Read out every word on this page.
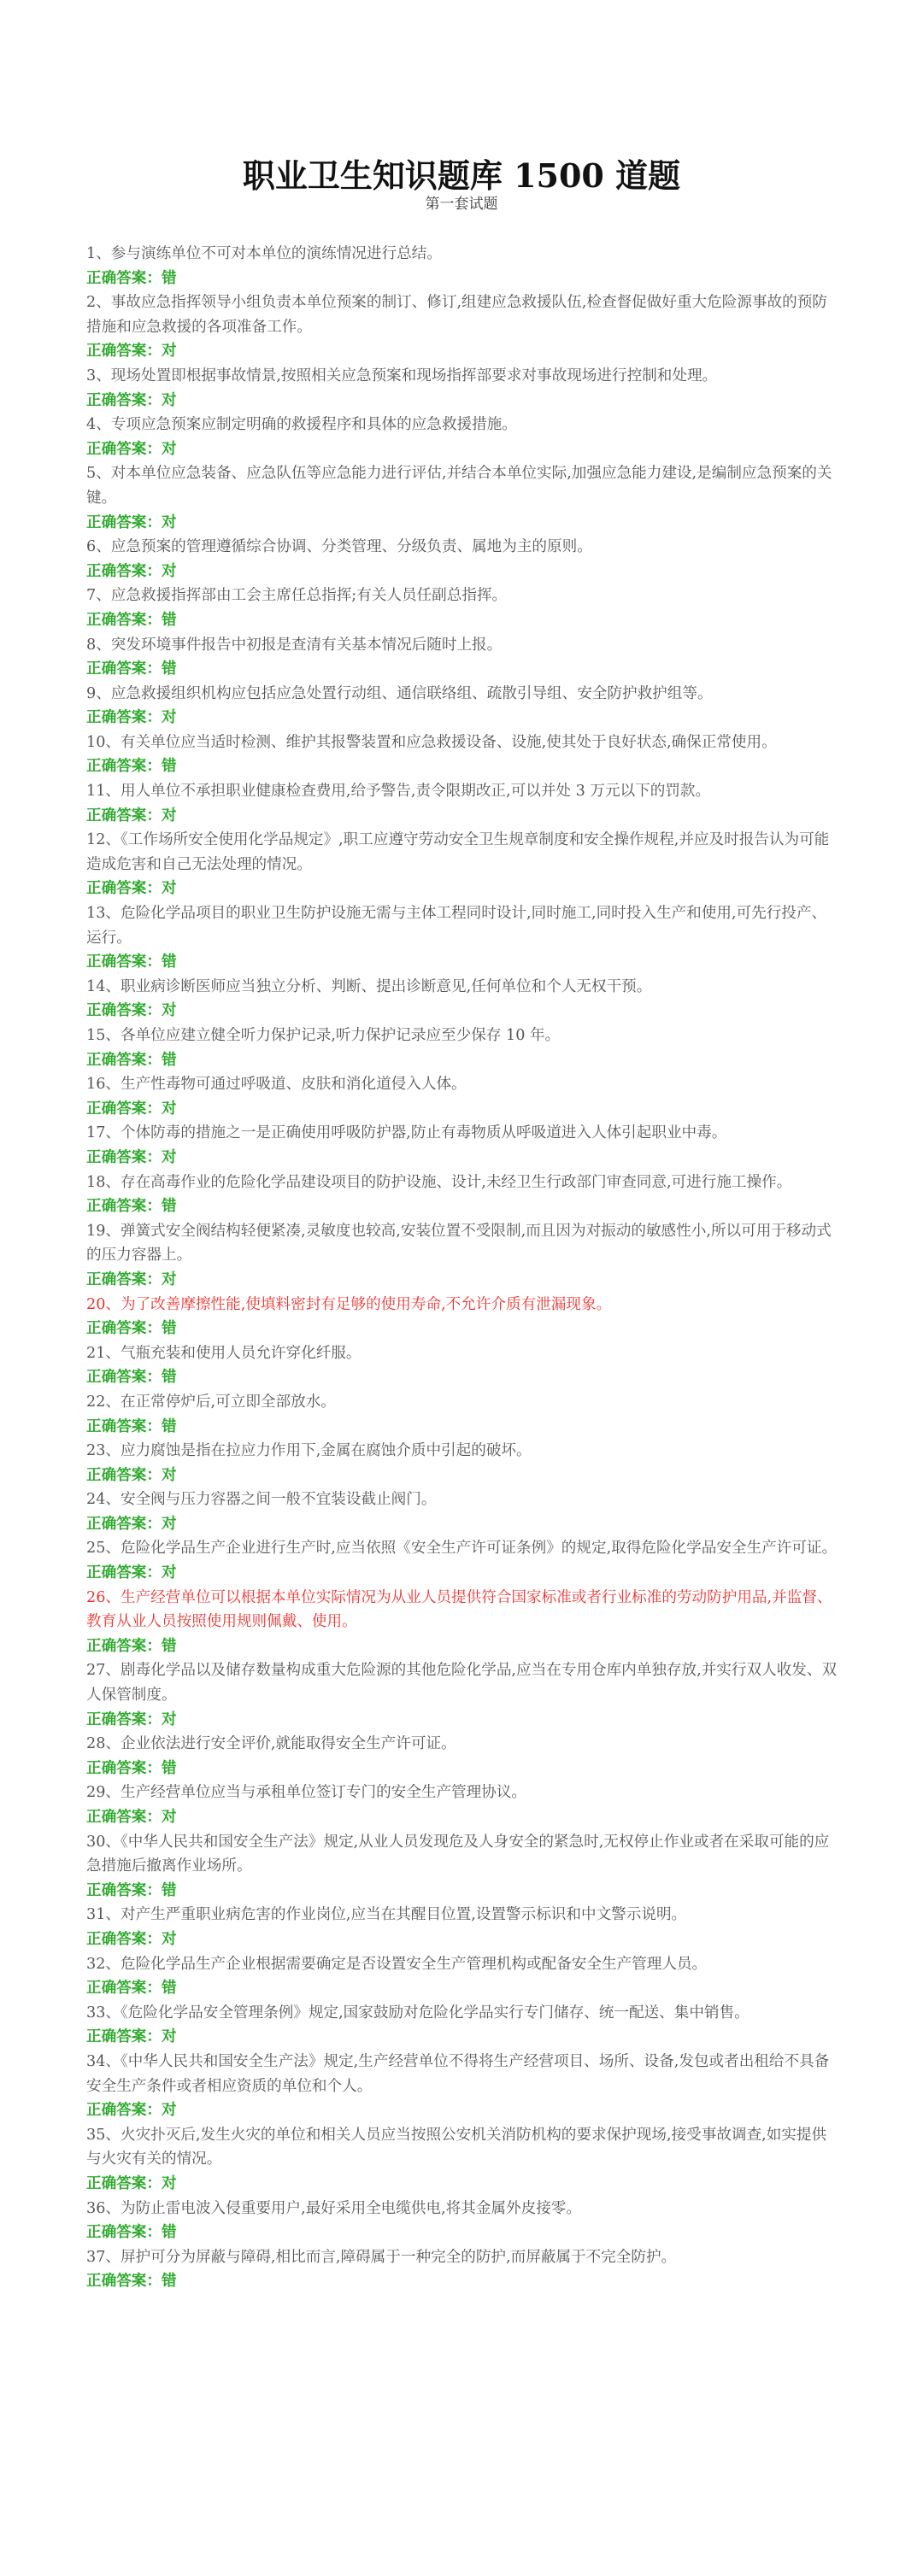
职业卫生知识题库 1500 道题
第一套试题
1、参与演练单位不可对本单位的演练情况进行总结。
正确答案：错
2、事故应急指挥领导小组负责本单位预案的制订、修订,组建应急救援队伍,检查督促做好重大危险源事故的预防措施和应急救援的各项准备工作。
正确答案：对
3、现场处置即根据事故情景,按照相关应急预案和现场指挥部要求对事故现场进行控制和处理。
正确答案：对
4、专项应急预案应制定明确的救援程序和具体的应急救援措施。
正确答案：对
5、对本单位应急装备、应急队伍等应急能力进行评估,并结合本单位实际,加强应急能力建设,是编制应急预案的关键。
正确答案：对
6、应急预案的管理遵循综合协调、分类管理、分级负责、属地为主的原则。
正确答案：对
7、应急救援指挥部由工会主席任总指挥;有关人员任副总指挥。
正确答案：错
8、突发环境事件报告中初报是查清有关基本情况后随时上报。
正确答案：错
9、应急救援组织机构应包括应急处置行动组、通信联络组、疏散引导组、安全防护救护组等。
正确答案：对
10、有关单位应当适时检测、维护其报警装置和应急救援设备、设施,使其处于良好状态,确保正常使用。
正确答案：错
11、用人单位不承担职业健康检查费用,给予警告,责令限期改正,可以并处 3 万元以下的罚款。
正确答案：对
12、《工作场所安全使用化学品规定》,职工应遵守劳动安全卫生规章制度和安全操作规程,并应及时报告认为可能造成危害和自己无法处理的情况。
正确答案：对
13、危险化学品项目的职业卫生防护设施无需与主体工程同时设计,同时施工,同时投入生产和使用,可先行投产、运行。
正确答案：错
14、职业病诊断医师应当独立分析、判断、提出诊断意见,任何单位和个人无权干预。
正确答案：对
15、各单位应建立健全听力保护记录,听力保护记录应至少保存 10 年。
正确答案：错
16、生产性毒物可通过呼吸道、皮肤和消化道侵入人体。
正确答案：对
17、个体防毒的措施之一是正确使用呼吸防护器,防止有毒物质从呼吸道进入人体引起职业中毒。
正确答案：对
18、存在高毒作业的危险化学品建设项目的防护设施、设计,未经卫生行政部门审查同意,可进行施工操作。
正确答案：错
19、弹簧式安全阀结构轻便紧凑,灵敏度也较高,安装位置不受限制,而且因为对振动的敏感性小,所以可用于移动式的压力容器上。
正确答案：对
20、为了改善摩擦性能,使填料密封有足够的使用寿命,不允许介质有泄漏现象。
正确答案：错
21、气瓶充装和使用人员允许穿化纤服。
正确答案：错
22、在正常停炉后,可立即全部放水。
正确答案：错
23、应力腐蚀是指在拉应力作用下,金属在腐蚀介质中引起的破坏。
正确答案：对
24、安全阀与压力容器之间一般不宜装设截止阀门。
正确答案：对
25、危险化学品生产企业进行生产时,应当依照《安全生产许可证条例》的规定,取得危险化学品安全生产许可证。
正确答案：对
26、生产经营单位可以根据本单位实际情况为从业人员提供符合国家标准或者行业标准的劳动防护用品,并监督、教育从业人员按照使用规则佩戴、使用。
正确答案：错
27、剧毒化学品以及储存数量构成重大危险源的其他危险化学品,应当在专用仓库内单独存放,并实行双人收发、双人保管制度。
正确答案：对
28、企业依法进行安全评价,就能取得安全生产许可证。
正确答案：错
29、生产经营单位应当与承租单位签订专门的安全生产管理协议。
正确答案：对
30、《中华人民共和国安全生产法》规定,从业人员发现危及人身安全的紧急时,无权停止作业或者在采取可能的应急措施后撤离作业场所。
正确答案：错
31、对产生严重职业病危害的作业岗位,应当在其醒目位置,设置警示标识和中文警示说明。
正确答案：对
32、危险化学品生产企业根据需要确定是否设置安全生产管理机构或配备安全生产管理人员。
正确答案：错
33、《危险化学品安全管理条例》规定,国家鼓励对危险化学品实行专门储存、统一配送、集中销售。
正确答案：对
34、《中华人民共和国安全生产法》规定,生产经营单位不得将生产经营项目、场所、设备,发包或者出租给不具备安全生产条件或者相应资质的单位和个人。
正确答案：对
35、火灾扑灭后,发生火灾的单位和相关人员应当按照公安机关消防机构的要求保护现场,接受事故调查,如实提供与火灾有关的情况。
正确答案：对
36、为防止雷电波入侵重要用户,最好采用全电缆供电,将其金属外皮接零。
正确答案：错
37、屏护可分为屏蔽与障碍,相比而言,障碍属于一种完全的防护,而屏蔽属于不完全防护。
正确答案：错
